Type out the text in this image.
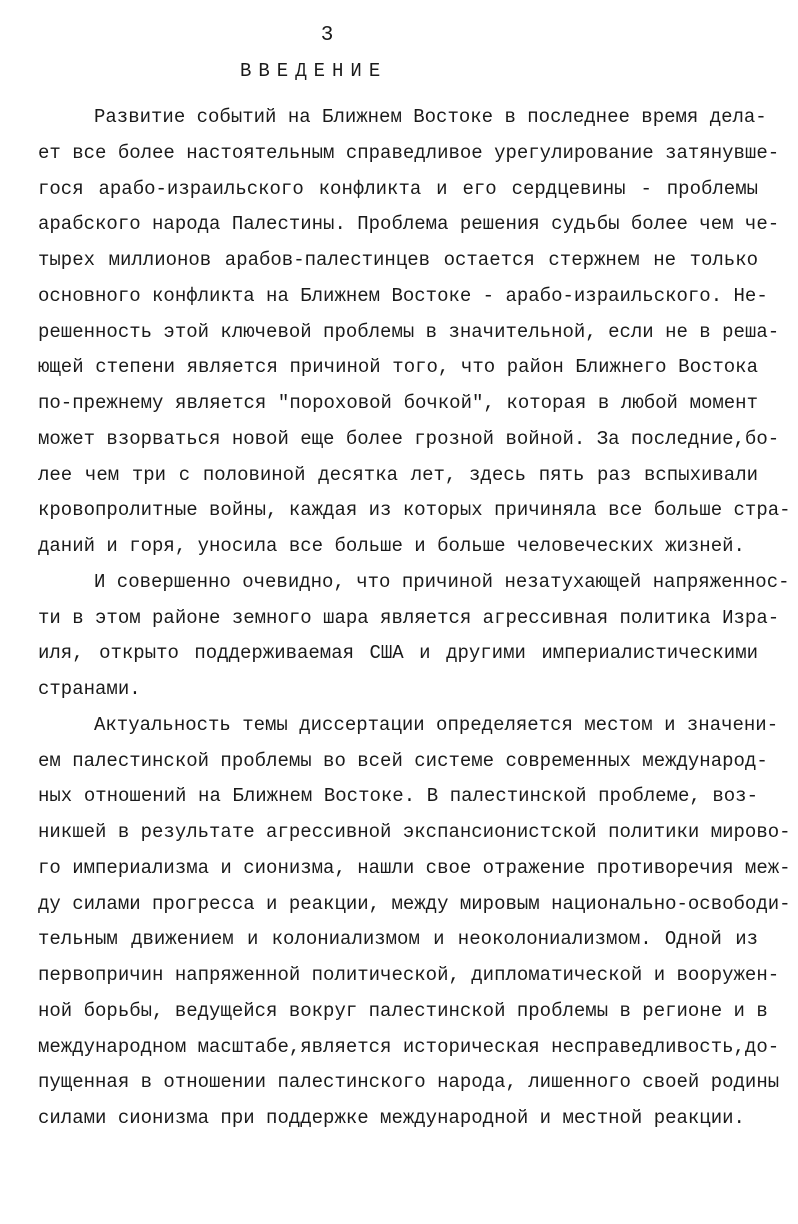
3
ВВЕДЕНИЕ
Развитие событий на Ближнем Востоке в последнее время дела-
ет все более настоятельным справедливое урегулирование затянувше-
гося арабо-израильского конфликта и его сердцевины - проблемы
арабского народа Палестины. Проблема решения судьбы более чем че-
тырех миллионов арабов-палестинцев остается стержнем не только
основного конфликта на Ближнем Востоке - арабо-израильского. Не-
решенность этой ключевой проблемы в значительной, если не в реша-
ющей степени является причиной того, что район Ближнего Востока
по-прежнему является "пороховой бочкой", которая в любой момент
может взорваться новой еще более грозной войной. За последние,бо-
лее чем три с половиной десятка лет, здесь пять раз вспыхивали
кровопролитные войны, каждая из которых причиняла все больше стра-
даний и горя, уносила все больше и больше человеческих жизней.
И совершенно очевидно, что причиной незатухающей напряженнос-
ти в этом районе земного шара является агрессивная политика Изра-
иля, открыто поддерживаемая США и другими империалистическими
странами.
Актуальность темы диссертации определяется местом и значени-
ем палестинской проблемы во всей системе современных международ-
ных отношений на Ближнем Востоке. В палестинской проблеме, воз-
никшей в результате агрессивной экспансионистской политики мирово-
го империализма и сионизма, нашли свое отражение противоречия меж-
ду силами прогресса и реакции, между мировым национально-освободи-
тельным движением и колониализмом и неоколониализмом. Одной из
первопричин напряженной политической, дипломатической и вооружен-
ной борьбы, ведущейся вокруг палестинской проблемы в регионе и в
международном масштабе,является историческая несправедливость,до-
пущенная в отношении палестинского народа, лишенного своей родины
силами сионизма при поддержке международной и местной реакции.
